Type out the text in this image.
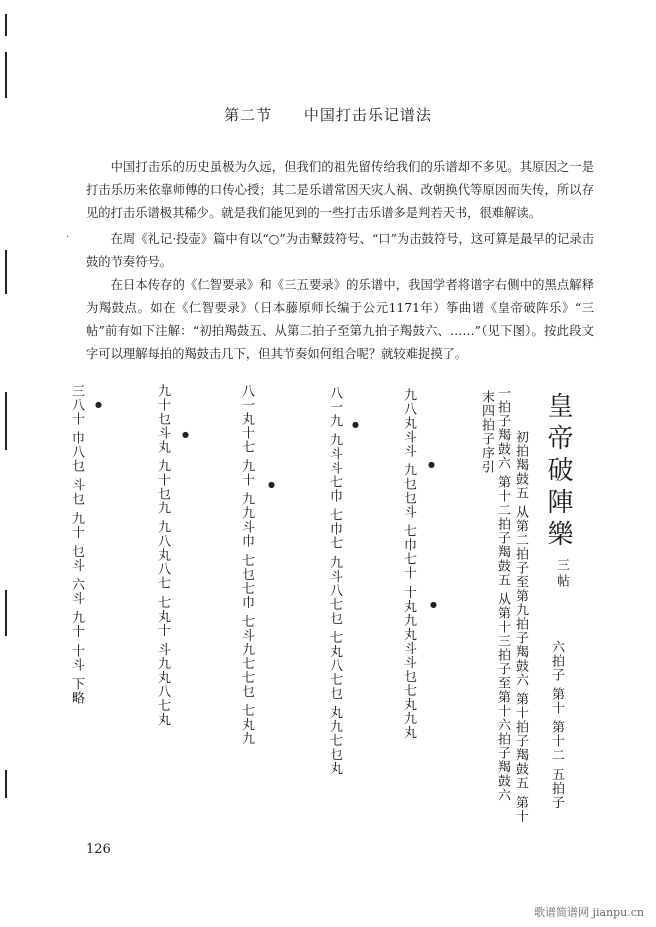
第二节 中国打击乐记谱法
·

中国打击乐的历史虽极为久远，但我们的祖先留传给我们的乐谱却不多见。其原因之一是打击乐历来依靠师傅的口传心授；其二是乐谱常因天灾人祸、改朝换代等原因而失传，所以存见的打击乐谱极其稀少。就是我们能见到的一些打击乐谱多是判若天书，很难解读。

在周《礼记·投壶》篇中有以“○”为击鼙鼓符号、“口”为击鼓符号，这可算是最早的记录击鼓的节奏符号。

在日本传存的《仁智要录》和《三五要录》的乐谱中，我国学者将谱字右侧中的黑点解释为羯鼓点。如在《仁智要录》（日本藤原师长编于公元1171年）筝曲谱《皇帝破阵乐》“三帖”前有如下注解：“初拍羯鼓五、从第二拍子至第九拍子羯鼓六、……”（见下图）。按此段文字可以理解每拍的羯鼓击几下，但其节奏如何组合呢？就较难捉摸了。

皇帝破陣樂
三帖
初拍羯鼓五 从第二拍子至第九拍子羯鼓六 第十拍子羯鼓五 第十
一拍子羯鼓六 第十二拍子羯鼓五 从第十三拍子至第十六拍子羯鼓六
末四拍子序引
六拍子 第十 第十二 五拍子
九八丸斗斗 九乜乜斗 七巾七十 十丸九丸斗斗乜七丸九丸
八一九 九斗斗七巾 七巾七 九斗八七乜 七丸八七乜 丸九七乜丸
八一丸十七 九十 九九斗巾 七乜七巾 七斗九七七乜 七丸九
九十乜斗丸 九十乜九 九八丸八七 七丸十 斗九丸八七丸
三八十 巾八乜 斗乜 九十 乜斗 六斗 九十 十斗 下略 ●
●
●
●
●
●
126
歌谱简谱网 jianpu.cn
